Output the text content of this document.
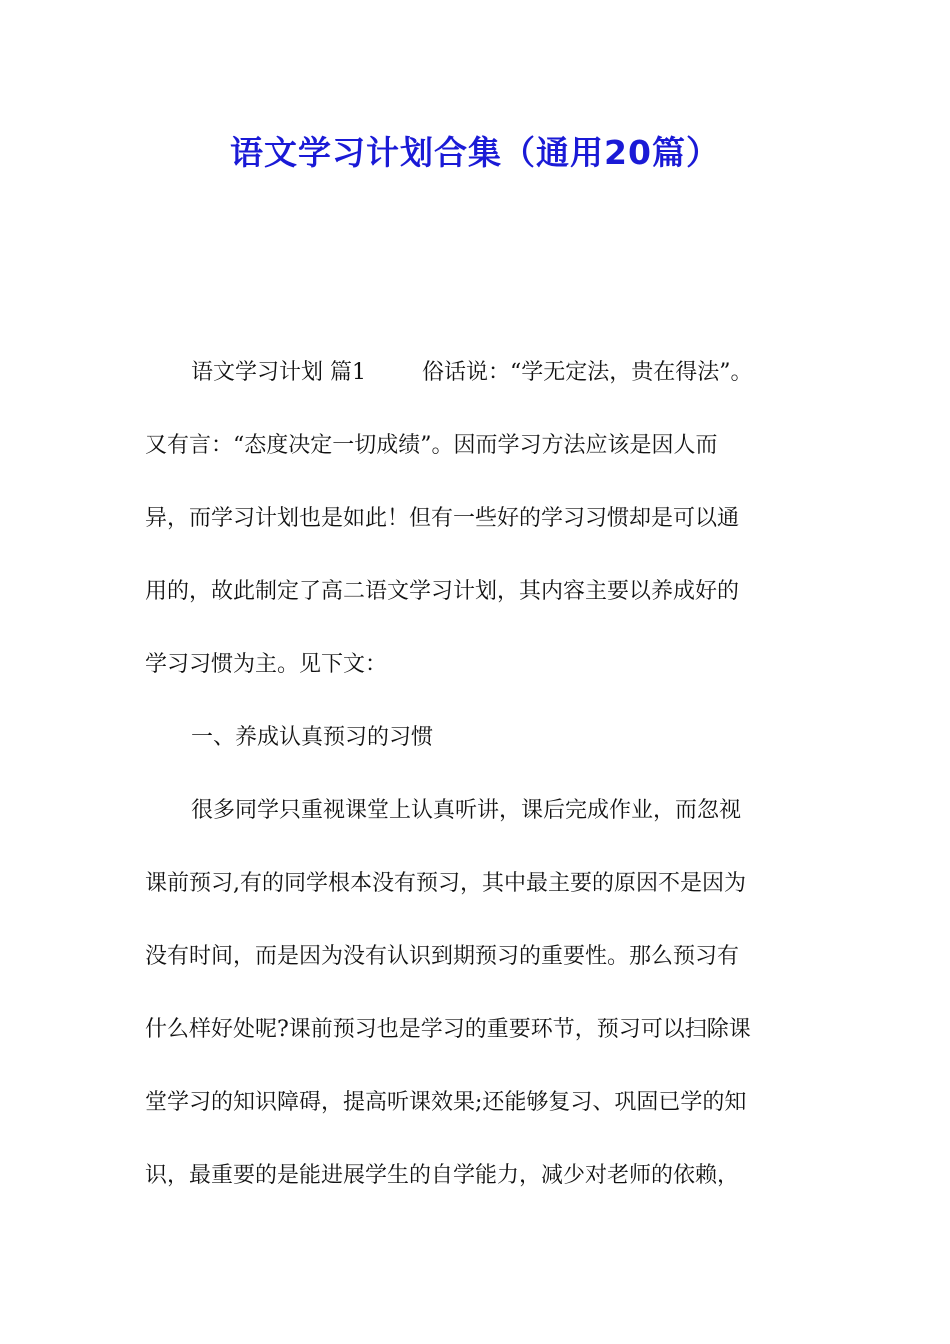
语文学习计划合集（通用20篇）
语文学习计划 篇1	俗话说：“学无定法，贵在得法”。
又有言：“态度决定一切成绩”。因而学习方法应该是因人而
异，而学习计划也是如此！但有一些好的学习习惯却是可以通
用的，故此制定了高二语文学习计划，其内容主要以养成好的
学习习惯为主。见下文：
一、养成认真预习的习惯
很多同学只重视课堂上认真听讲，课后完成作业，而忽视
课前预习,有的同学根本没有预习，其中最主要的原因不是因为
没有时间，而是因为没有认识到期预习的重要性。那么预习有
什么样好处呢?课前预习也是学习的重要环节，预习可以扫除课
堂学习的知识障碍，提高听课效果;还能够复习、巩固已学的知
识，最重要的是能进展学生的自学能力，减少对老师的依赖，
